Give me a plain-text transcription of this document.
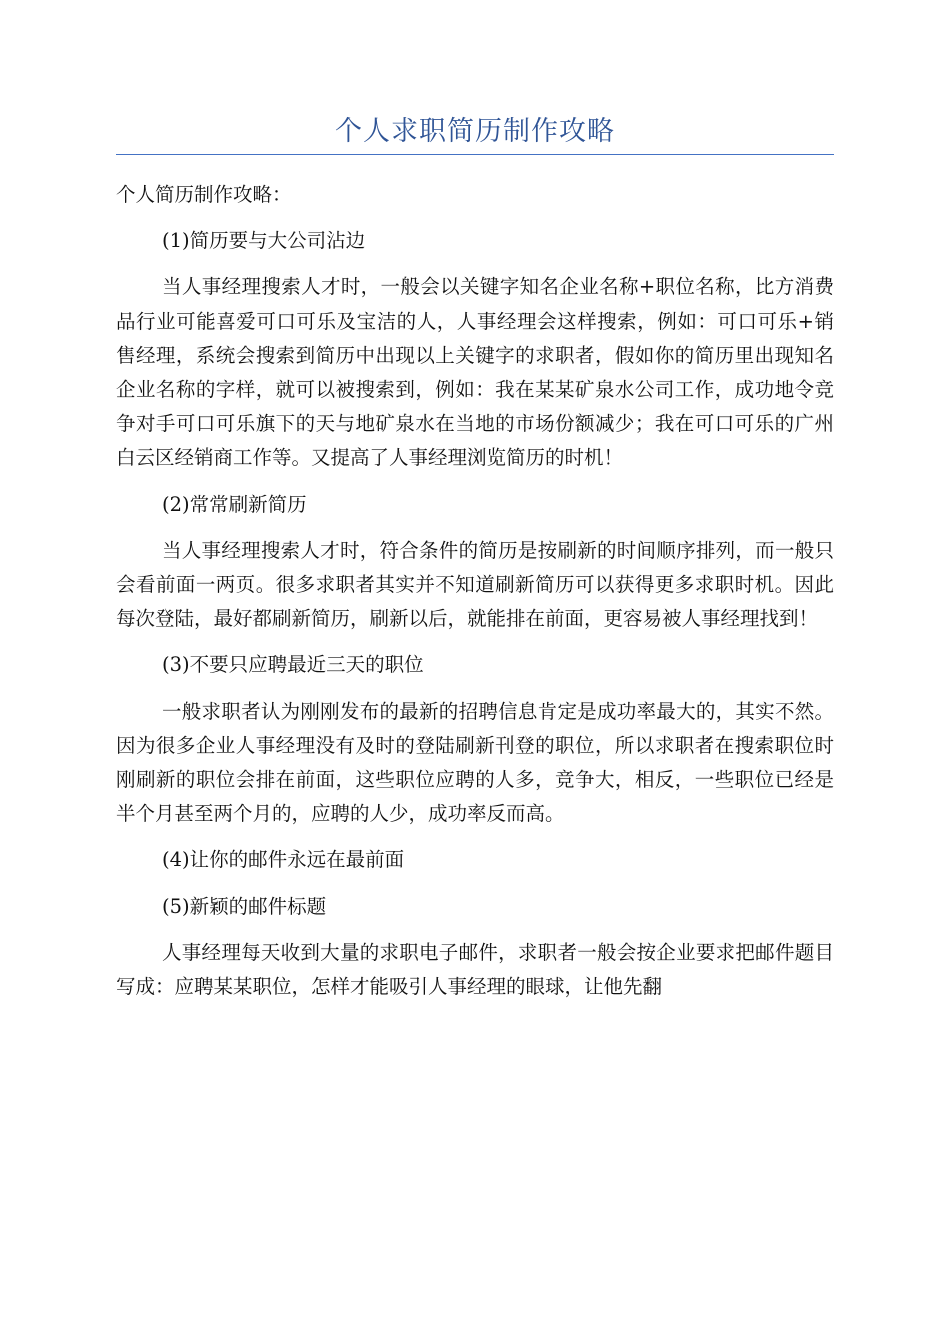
个人求职简历制作攻略

个人简历制作攻略：

(1)简历要与大公司沾边

当人事经理搜索人才时，一般会以关键字知名企业名称+职位名称，比方消费品行业可能喜爱可口可乐及宝洁的人，人事经理会这样搜索，例如：可口可乐+销售经理，系统会搜索到简历中出现以上关键字的求职者，假如你的简历里出现知名企业名称的字样，就可以被搜索到，例如：我在某某矿泉水公司工作，成功地令竞争对手可口可乐旗下的天与地矿泉水在当地的市场份额减少；我在可口可乐的广州白云区经销商工作等。又提高了人事经理浏览简历的时机！

(2)常常刷新简历

当人事经理搜索人才时，符合条件的简历是按刷新的时间顺序排列，而一般只会看前面一两页。很多求职者其实并不知道刷新简历可以获得更多求职时机。因此每次登陆，最好都刷新简历，刷新以后，就能排在前面，更容易被人事经理找到！

(3)不要只应聘最近三天的职位

一般求职者认为刚刚发布的最新的招聘信息肯定是成功率最大的，其实不然。因为很多企业人事经理没有及时的登陆刷新刊登的职位，所以求职者在搜索职位时刚刷新的职位会排在前面，这些职位应聘的人多，竞争大，相反，一些职位已经是半个月甚至两个月的，应聘的人少，成功率反而高。

(4)让你的邮件永远在最前面

(5)新颖的邮件标题

人事经理每天收到大量的求职电子邮件，求职者一般会按企业要求把邮件题目写成：应聘某某职位，怎样才能吸引人事经理的眼球，让他先翻
